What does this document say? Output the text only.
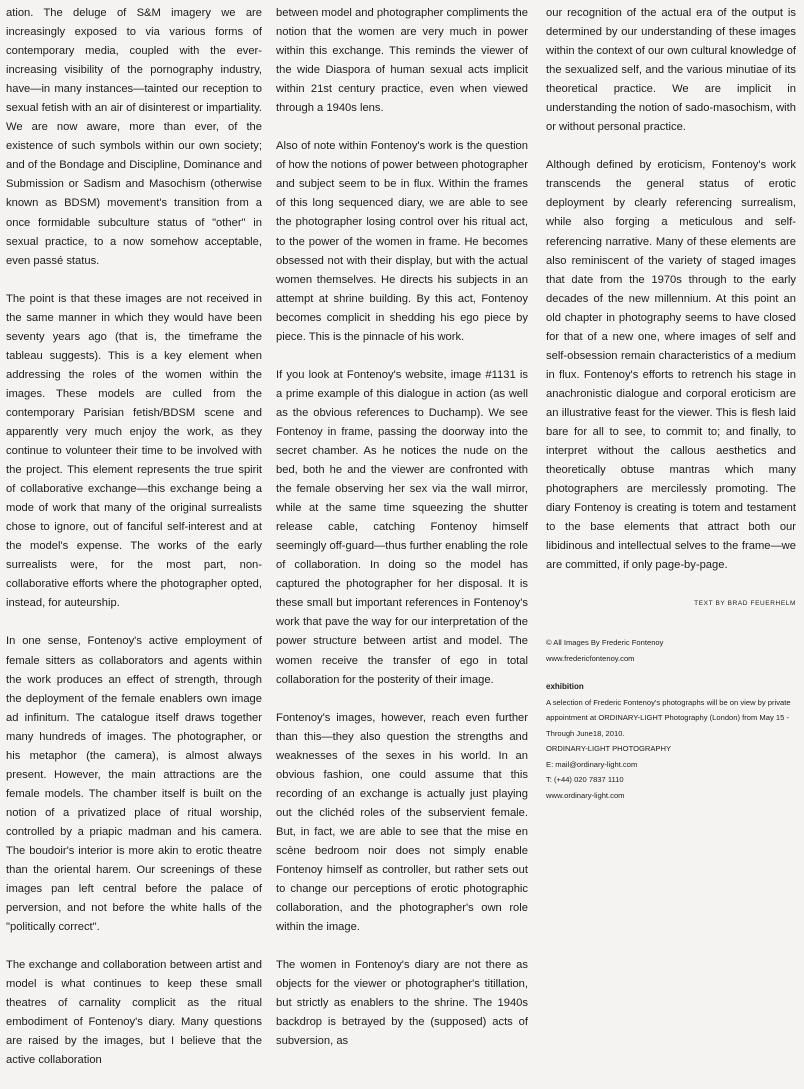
ation. The deluge of S&M imagery we are increasingly exposed to via various forms of contemporary media, coupled with the ever-increasing visibility of the pornography industry, have—in many instances—tainted our reception to sexual fetish with an air of disinterest or impartiality. We are now aware, more than ever, of the existence of such symbols within our own society; and of the Bondage and Discipline, Dominance and Submission or Sadism and Masochism (otherwise known as BDSM) movement's transition from a once formidable subculture status of "other" in sexual practice, to a now somehow acceptable, even passé status.

The point is that these images are not received in the same manner in which they would have been seventy years ago (that is, the timeframe the tableau suggests). This is a key element when addressing the roles of the women within the images. These models are culled from the contemporary Parisian fetish/BDSM scene and apparently very much enjoy the work, as they continue to volunteer their time to be involved with the project. This element represents the true spirit of collaborative exchange—this exchange being a mode of work that many of the original surrealists chose to ignore, out of fanciful self-interest and at the model's expense. The works of the early surrealists were, for the most part, non-collaborative efforts where the photographer opted, instead, for auteurship.

In one sense, Fontenoy's active employment of female sitters as collaborators and agents within the work produces an effect of strength, through the deployment of the female enablers own image ad infinitum. The catalogue itself draws together many hundreds of images. The photographer, or his metaphor (the camera), is almost always present. However, the main attractions are the female models. The chamber itself is built on the notion of a privatized place of ritual worship, controlled by a priapic madman and his camera. The boudoir's interior is more akin to erotic theatre than the oriental harem. Our screenings of these images pan left central before the palace of perversion, and not before the white halls of the "politically correct".

The exchange and collaboration between artist and model is what continues to keep these small theatres of carnality complicit as the ritual embodiment of Fontenoy's diary. Many questions are raised by the images, but I believe that the active collaboration

between model and photographer compliments the notion that the women are very much in power within this exchange. This reminds the viewer of the wide Diaspora of human sexual acts implicit within 21st century practice, even when viewed through a 1940s lens.

Also of note within Fontenoy's work is the question of how the notions of power between photographer and subject seem to be in flux. Within the frames of this long sequenced diary, we are able to see the photographer losing control over his ritual act, to the power of the women in frame. He becomes obsessed not with their display, but with the actual women themselves. He directs his subjects in an attempt at shrine building. By this act, Fontenoy becomes complicit in shedding his ego piece by piece. This is the pinnacle of his work.

If you look at Fontenoy's website, image #1131 is a prime example of this dialogue in action (as well as the obvious references to Duchamp). We see Fontenoy in frame, passing the doorway into the secret chamber. As he notices the nude on the bed, both he and the viewer are confronted with the female observing her sex via the wall mirror, while at the same time squeezing the shutter release cable, catching Fontenoy himself seemingly off-guard—thus further enabling the role of collaboration. In doing so the model has captured the photographer for her disposal. It is these small but important references in Fontenoy's work that pave the way for our interpretation of the power structure between artist and model. The women receive the transfer of ego in total collaboration for the posterity of their image.

Fontenoy's images, however, reach even further than this—they also question the strengths and weaknesses of the sexes in his world. In an obvious fashion, one could assume that this recording of an exchange is actually just playing out the clichéd roles of the subservient female. But, in fact, we are able to see that the mise en scène bedroom noir does not simply enable Fontenoy himself as controller, but rather sets out to change our perceptions of erotic photographic collaboration, and the photographer's own role within the image.

The women in Fontenoy's diary are not there as objects for the viewer or photographer's titillation, but strictly as enablers to the shrine. The 1940s backdrop is betrayed by the (supposed) acts of subversion, as

our recognition of the actual era of the output is determined by our understanding of these images within the context of our own cultural knowledge of the sexualized self, and the various minutiae of its theoretical practice. We are implicit in understanding the notion of sado-masochism, with or without personal practice.

Although defined by eroticism, Fontenoy's work transcends the general status of erotic deployment by clearly referencing surrealism, while also forging a meticulous and self-referencing narrative. Many of these elements are also reminiscent of the variety of staged images that date from the 1970s through to the early decades of the new millennium. At this point an old chapter in photography seems to have closed for that of a new one, where images of self and self-obsession remain characteristics of a medium in flux. Fontenoy's efforts to retrench his stage in anachronistic dialogue and corporal eroticism are an illustrative feast for the viewer. This is flesh laid bare for all to see, to commit to; and finally, to interpret without the callous aesthetics and theoretically obtuse mantras which many photographers are mercilessly promoting. The diary Fontenoy is creating is totem and testament to the base elements that attract both our libidinous and intellectual selves to the frame—we are committed, if only page-by-page.

TEXT BY BRAD FEUERHELM
© All Images By Frederic Fontenoy
www.fredericfontenoy.com
exhibition
A selection of Frederic Fontenoy's photographs will be on view by private appointment at ORDINARY-LIGHT Photography (London) from May 15 - Through June18, 2010.
ORDINARY-LIGHT PHOTOGRAPHY
E: mail@ordinary-light.com
T: (+44) 020 7837 1110
www.ordinary-light.com
